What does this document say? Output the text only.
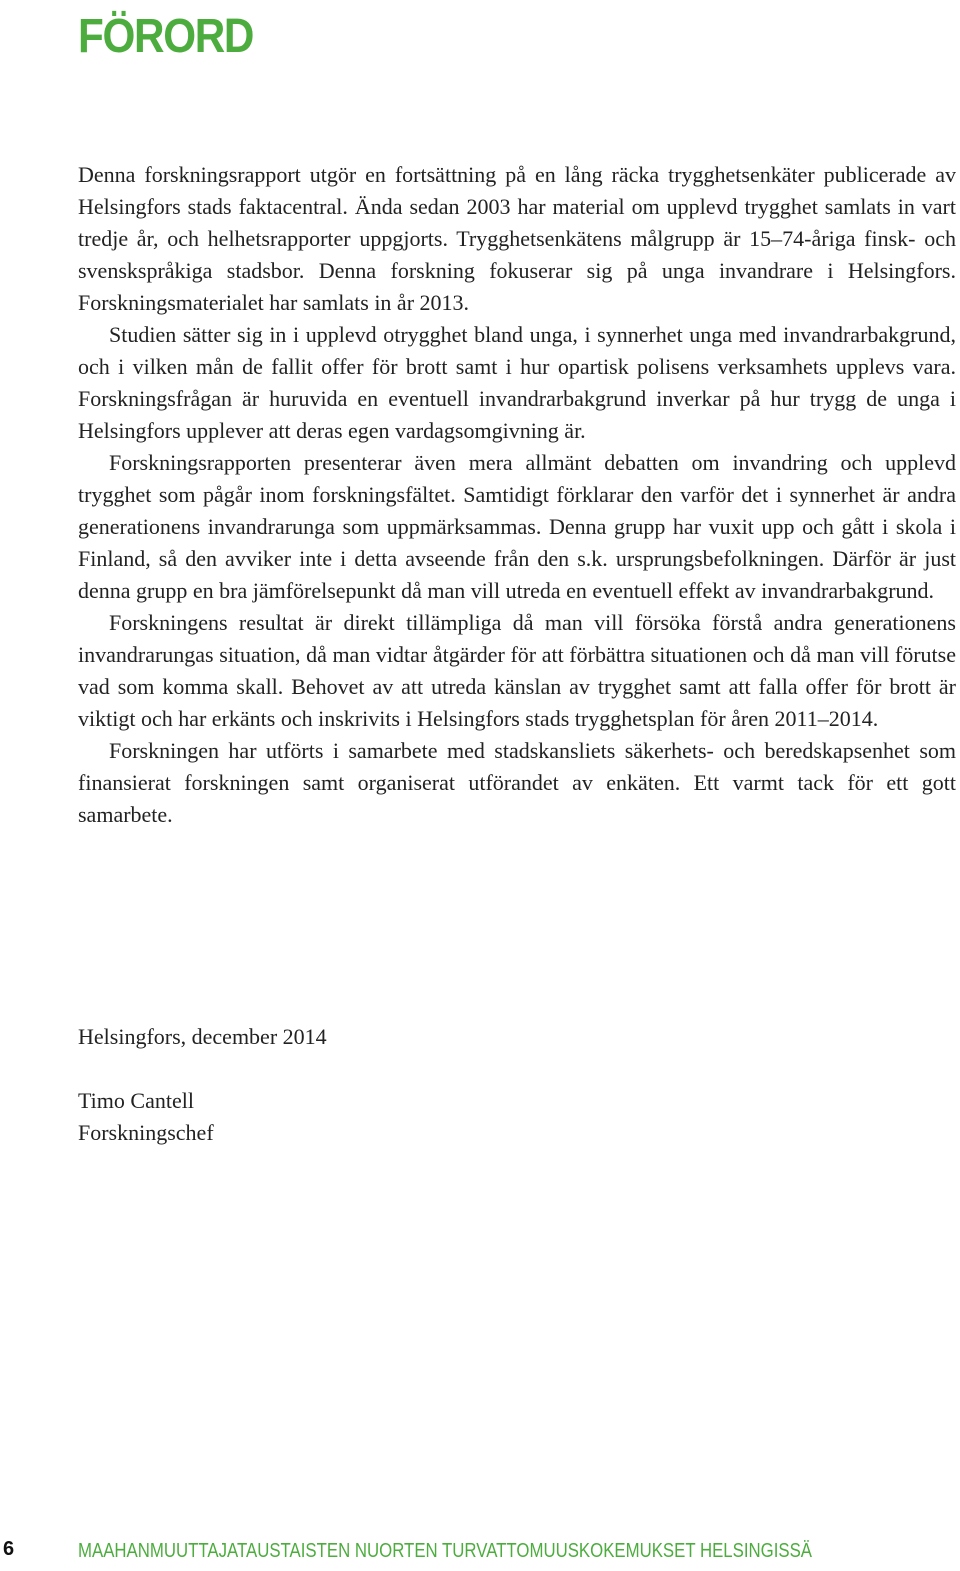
FÖRORD

Denna forskningsrapport utgör en fortsättning på en lång räcka trygghetsenkäter publicerade av Helsingfors stads faktacentral. Ända sedan 2003 har material om upplevd trygghet samlats in vart tredje år, och helhetsrapporter uppgjorts. Trygghetsenkätens målgrupp är 15–74-åriga finsk- och svenskspråkiga stadsbor. Denna forskning fokuserar sig på unga invandrare i Helsingfors. Forskningsmaterialet har samlats in år 2013.

Studien sätter sig in i upplevd otrygghet bland unga, i synnerhet unga med invandrarbakgrund, och i vilken mån de fallit offer för brott samt i hur opartisk polisens verksamhets upplevs vara. Forskningsfrågan är huruvida en eventuell invandrarbakgrund inverkar på hur trygg de unga i Helsingfors upplever att deras egen vardagsomgivning är.

Forskningsrapporten presenterar även mera allmänt debatten om invandring och upplevd trygghet som pågår inom forskningsfältet. Samtidigt förklarar den varför det i synnerhet är andra generationens invandrarunga som uppmärksammas. Denna grupp har vuxit upp och gått i skola i Finland, så den avviker inte i detta avseende från den s.k. ursprungsbefolkningen. Därför är just denna grupp en bra jämförelsepunkt då man vill utreda en eventuell effekt av invandrarbakgrund.

Forskningens resultat är direkt tillämpliga då man vill försöka förstå andra generationens invandrarungas situation, då man vidtar åtgärder för att förbättra situationen och då man vill förutse vad som komma skall. Behovet av att utreda känslan av trygghet samt att falla offer för brott är viktigt och har erkänts och inskrivits i Helsingfors stads trygghetsplan för åren 2011–2014.

Forskningen har utförts i samarbete med stadskansliets säkerhets- och beredskapsenhet som finansierat forskningen samt organiserat utförandet av enkäten. Ett varmt tack för ett gott samarbete.

Helsingfors, december 2014

Timo Cantell

Forskningschef

6	MAAHANMUUTTAJATAUSTAISTEN NUORTEN TURVATTOMUUSKOKEMUKSET HELSINGISSÄ
